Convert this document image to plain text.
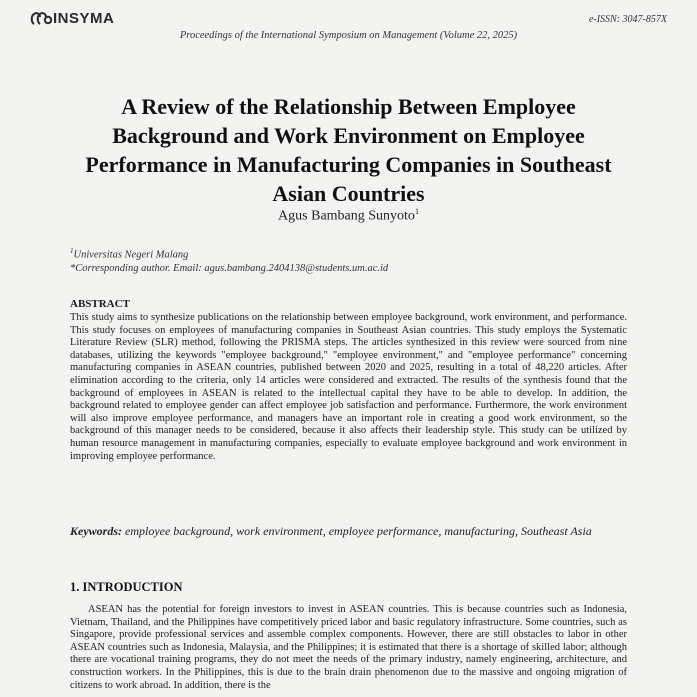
INSYMA	e-ISSN: 3047-857X
Proceedings of the International Symposium on Management (Volume 22, 2025)
A Review of the Relationship Between Employee Background and Work Environment on Employee Performance in Manufacturing Companies in Southeast Asian Countries
Agus Bambang Sunyoto$^1$
$^1$Universitas Negeri Malang
*Corresponding author. Email: agus.bambang.2404138@students.um.ac.id
ABSTRACT
This study aims to synthesize publications on the relationship between employee background, work environment, and performance. This study focuses on employees of manufacturing companies in Southeast Asian countries. This study employs the Systematic Literature Review (SLR) method, following the PRISMA steps. The articles synthesized in this review were sourced from nine databases, utilizing the keywords "employee background," "employee environment," and "employee performance" concerning manufacturing companies in ASEAN countries, published between 2020 and 2025, resulting in a total of 48,220 articles. After elimination according to the criteria, only 14 articles were considered and extracted. The results of the synthesis found that the background of employees in ASEAN is related to the intellectual capital they have to be able to develop. In addition, the background related to employee gender can affect employee job satisfaction and performance. Furthermore, the work environment will also improve employee performance, and managers have an important role in creating a good work environment, so the background of this manager needs to be considered, because it also affects their leadership style. This study can be utilized by human resource management in manufacturing companies, especially to evaluate employee background and work environment in improving employee performance.
Keywords: employee background, work environment, employee performance, manufacturing, Southeast Asia
1. INTRODUCTION
ASEAN has the potential for foreign investors to invest in ASEAN countries. This is because countries such as Indonesia, Vietnam, Thailand, and the Philippines have competitively priced labor and basic regulatory infrastructure. Some countries, such as Singapore, provide professional services and assemble complex components. However, there are still obstacles to labor in other ASEAN countries such as Indonesia, Malaysia, and the Philippines; it is estimated that there is a shortage of skilled labor; although there are vocational training programs, they do not meet the needs of the primary industry, namely engineering, architecture, and construction workers. In the Philippines, this is due to the brain drain phenomenon due to the massive and ongoing migration of citizens to work abroad. In addition, there is the
